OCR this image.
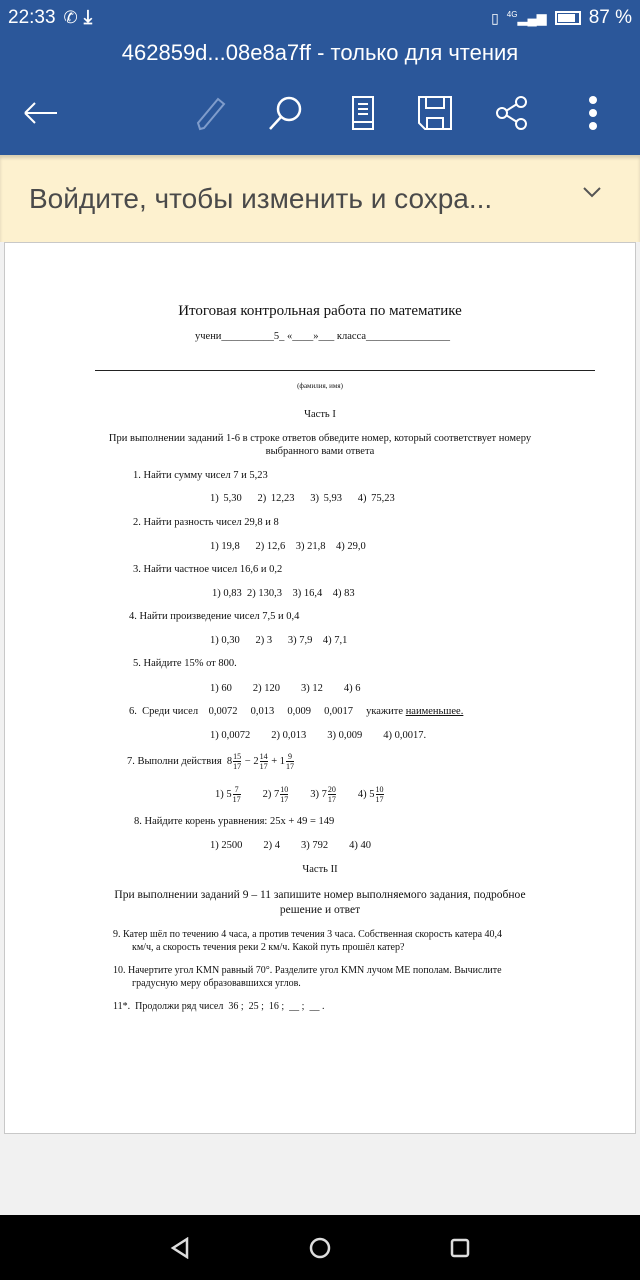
22:33 ✆ ⤓	▯ $^{4G}$▂▄▆ 87 %
462859d...08e8a7ff - только для чтения
Войдите, чтобы изменить и сохра...
Итоговая контрольная работа по математике
учени__________5_ «____»___ класса________________
(фамилия, имя)
Часть I
При выполнении заданий 1-6 в строке ответов обведите номер, который соответствует номеру
выбранного вами ответа
1. Найти сумму чисел 7 и 5,23
1) 5,30   2) 12,23   3) 5,93   4) 75,23
2. Найти разность чисел 29,8 и 8
1) 19,8   2) 12,6  3) 21,8  4) 29,0
3. Найти частное чисел 16,6 и 0,2
1) 0,83  2) 130,3  3) 16,4  4) 83
4. Найти произведение чисел 7,5 и 0,4
1) 0,30   2) 3   3) 7,9  4) 7,1
5. Найдите 15% от 800.
1) 60   2) 120   3) 12   4) 6
6.  Среди чисел    0,0072     0,013     0,009     0,0017     укажите наименьшее.
1) 0,0072   2) 0,013   3) 0,009   4) 0,0017.
7. Выполни действия  $8 \frac{15}{17} - 2 \frac{14}{17} + 1 \frac{9}{17}$
1) $5 \frac{7}{17}$   2) $7 \frac{10}{17}$   3) $7 \frac{20}{17}$   4) $5 \frac{10}{17}$
8. Найдите корень уравнения: 25x + 49 = 149
1) 2500   2) 4   3) 792   4) 40
Часть II
При выполнении заданий 9 – 11 запишите номер выполняемого задания, подробное
решение и ответ
9. Катер шёл по течению 4 часа, а против течения 3 часа. Собственная скорость катера 40,4
км/ч, а скорость течения реки 2 км/ч. Какой путь прошёл катер?
10. Начертите угол KMN равный 70°. Разделите угол KMN лучом ME пополам. Вычислите
градусную меру образовавшихся углов.
11*.  Продолжи ряд чисел  36 ;  25 ;  16 ;  __ ;  __ .
